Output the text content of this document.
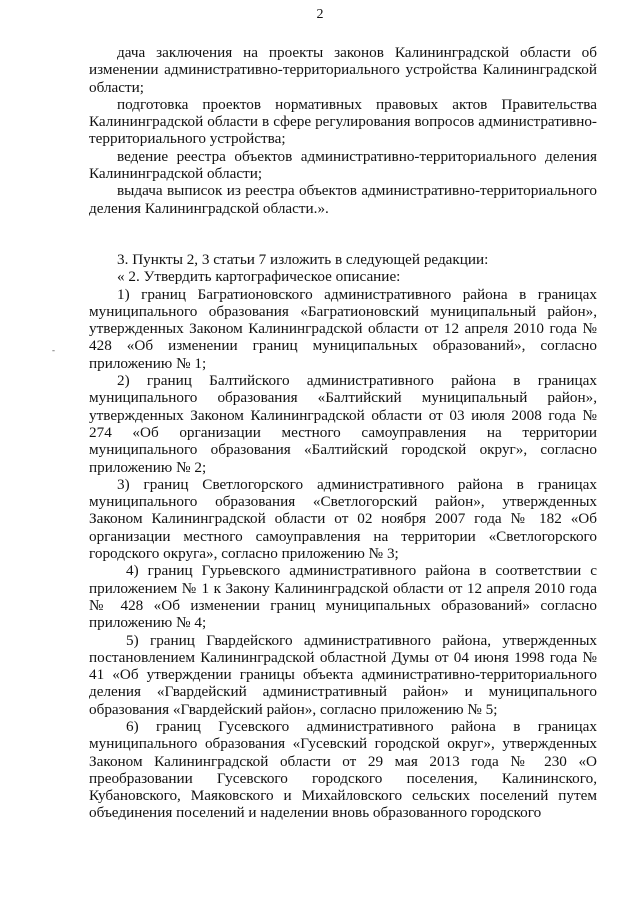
2
-

дача заключения на проекты законов Калининградской области об изменении административно-территориального устройства Калининградской области;

подготовка проектов нормативных правовых актов Правительства Калининградской области в сфере регулирования вопросов административно-территориального устройства;

ведение реестра объектов административно-территориального деления Калининградской области;

выдача выписок из реестра объектов административно-территориального деления Калининградской области.».

3. Пункты 2, 3 статьи 7 изложить в следующей редакции:

« 2. Утвердить картографическое описание:

1) границ Багратионовского административного района в границах муниципального образования «Багратионовский муниципальный район», утвержденных Законом Калининградской области от 12 апреля 2010 года № 428 «Об изменении границ муниципальных образований», согласно приложению № 1;

2) границ Балтийского административного района в границах муниципального образования «Балтийский муниципальный район», утвержденных Законом Калининградской области от 03 июля 2008 года № 274 «Об организации местного самоуправления на территории муниципального образования «Балтийский городской округ», согласно приложению № 2;

3) границ Светлогорского административного района в границах муниципального образования «Светлогорский район», утвержденных Законом Калининградской области от 02 ноября 2007 года № 182 «Об организации местного самоуправления на территории «Светлогорского городского округа», согласно приложению № 3;

4) границ Гурьевского административного района в соответствии с приложением № 1 к Закону Калининградской области от 12 апреля 2010 года № 428 «Об изменении границ муниципальных образований» согласно приложению № 4;

5) границ Гвардейского административного района, утвержденных постановлением Калининградской областной Думы от 04 июня 1998 года № 41 «Об утверждении границы объекта административно-территориального деления «Гвардейский административный район» и муниципального образования «Гвардейский район», согласно приложению № 5;

6) границ Гусевского административного района в границах муниципального образования «Гусевский городской округ», утвержденных Законом Калининградской области от 29 мая 2013 года № 230 «О преобразовании Гусевского городского поселения, Калининского, Кубановского, Маяковского и Михайловского сельских поселений путем объединения поселений и наделении вновь образованного городского
